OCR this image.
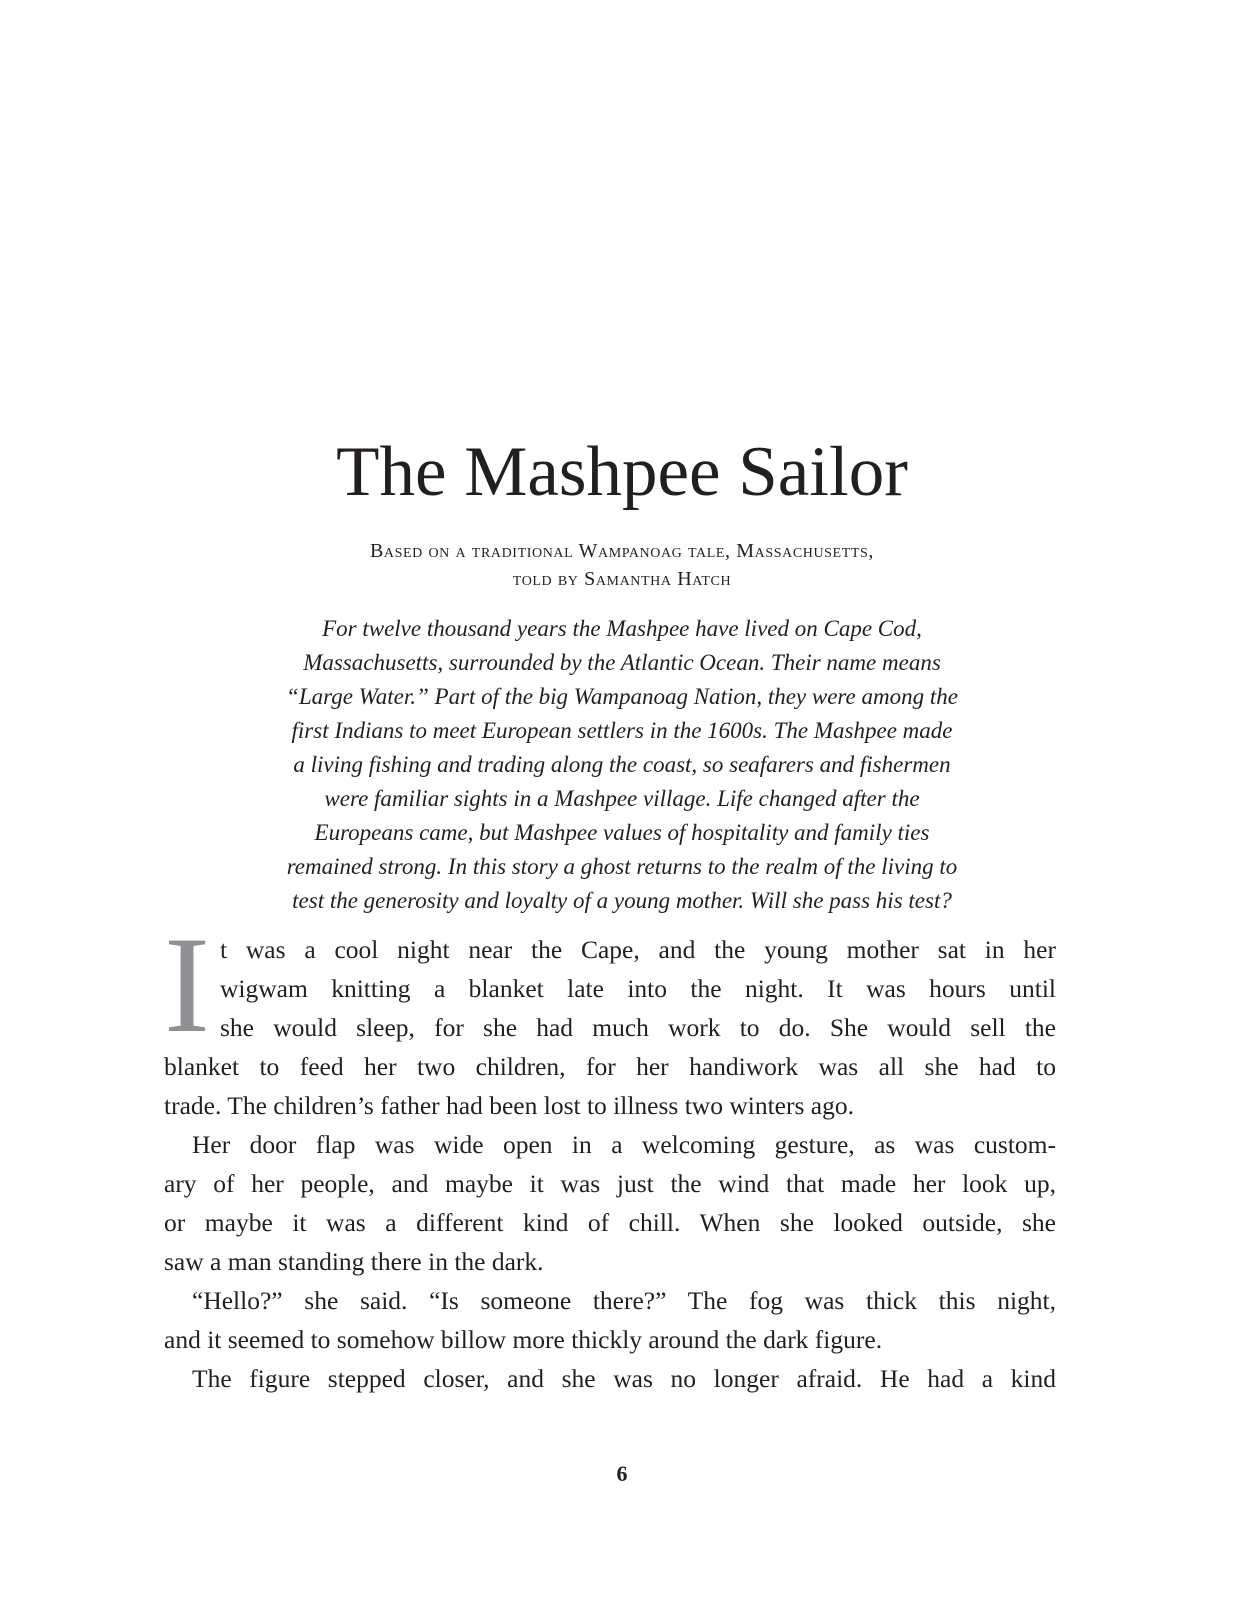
The Mashpee Sailor
Based on a traditional Wampanoag tale, Massachusetts,
told by Samantha Hatch
For twelve thousand years the Mashpee have lived on Cape Cod,
Massachusetts, surrounded by the Atlantic Ocean. Their name means
“Large Water.” Part of the big Wampanoag Nation, they were among the
first Indians to meet European settlers in the 1600s. The Mashpee made
a living fishing and trading along the coast, so seafarers and fishermen
were familiar sights in a Mashpee village. Life changed after the
Europeans came, but Mashpee values of hospitality and family ties
remained strong. In this story a ghost returns to the realm of the living to
test the generosity and loyalty of a young mother. Will she pass his test?
I t was a cool night near the Cape, and the young mother sat in her
wigwam knitting a blanket late into the night. It was hours until
she would sleep, for she had much work to do. She would sell the
blanket to feed her two children, for her handiwork was all she had to
trade. The children’s father had been lost to illness two winters ago.
Her door flap was wide open in a welcoming gesture, as was custom-
ary of her people, and maybe it was just the wind that made her look up,
or maybe it was a different kind of chill. When she looked outside, she
saw a man standing there in the dark.
“Hello?” she said. “Is someone there?” The fog was thick this night,
and it seemed to somehow billow more thickly around the dark figure.
The figure stepped closer, and she was no longer afraid. He had a kind
6
